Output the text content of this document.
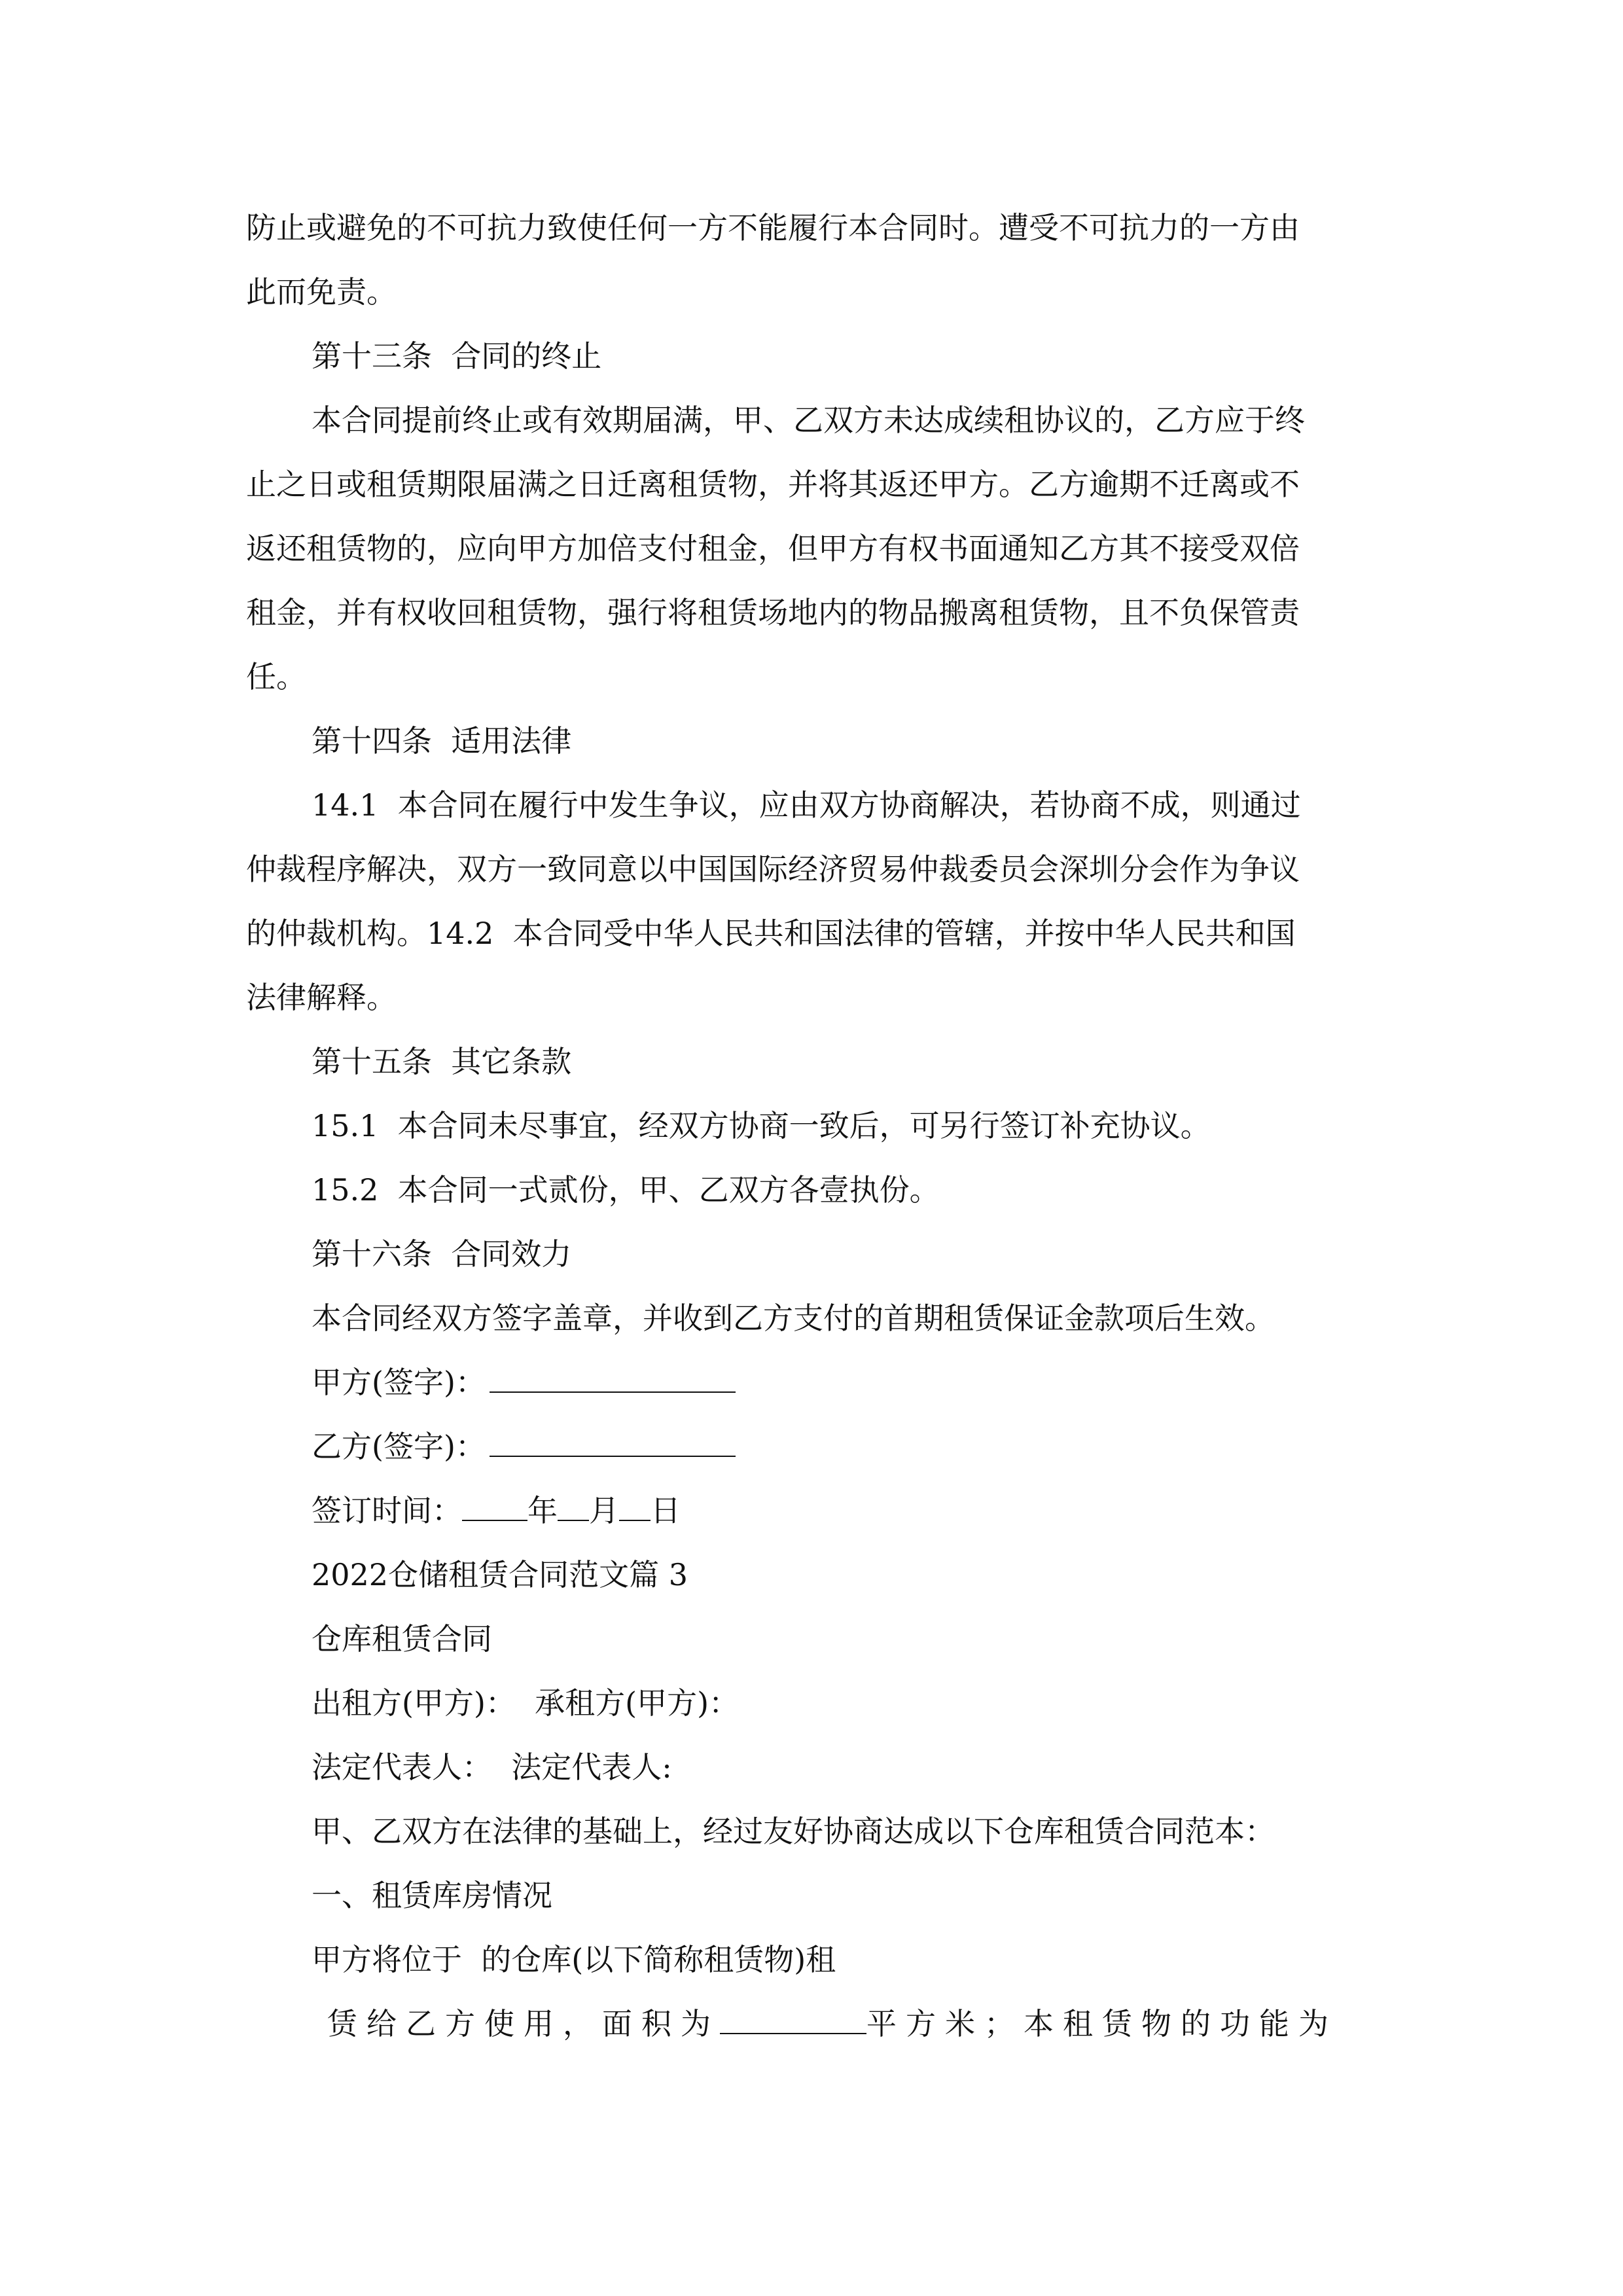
防止或避免的不可抗力致使任何一方不能履行本合同时。遭受不可抗力的一方由

此而免责。

第十三条  合同的终止

本合同提前终止或有效期届满，甲、乙双方未达成续租协议的，乙方应于终

止之日或租赁期限届满之日迁离租赁物，并将其返还甲方。乙方逾期不迁离或不

返还租赁物的，应向甲方加倍支付租金，但甲方有权书面通知乙方其不接受双倍

租金，并有权收回租赁物，强行将租赁场地内的物品搬离租赁物，且不负保管责

任。

第十四条  适用法律

14.1  本合同在履行中发生争议，应由双方协商解决，若协商不成，则通过

仲裁程序解决，双方一致同意以中国国际经济贸易仲裁委员会深圳分会作为争议

的仲裁机构。14.2  本合同受中华人民共和国法律的管辖，并按中华人民共和国

法律解释。

第十五条  其它条款

15.1  本合同未尽事宜，经双方协商一致后，可另行签订补充协议。

15.2  本合同一式贰份，甲、乙双方各壹执份。

第十六条  合同效力

本合同经双方签字盖章，并收到乙方支付的首期租赁保证金款项后生效。

甲方(签字)：

乙方(签字)：

签订时间： 年 月 日

2022仓储租赁合同范文篇 3

仓库租赁合同

出租方(甲方)：  承租方(甲方)：

法定代表人：  法定代表人:

甲、乙双方在法律的基础上，经过友好协商达成以下仓库租赁合同范本：

一、租赁库房情况

甲方将位于  的仓库(以下简称租赁物)租

赁给乙方使用，面积为	平方米；本租赁物的功能为
